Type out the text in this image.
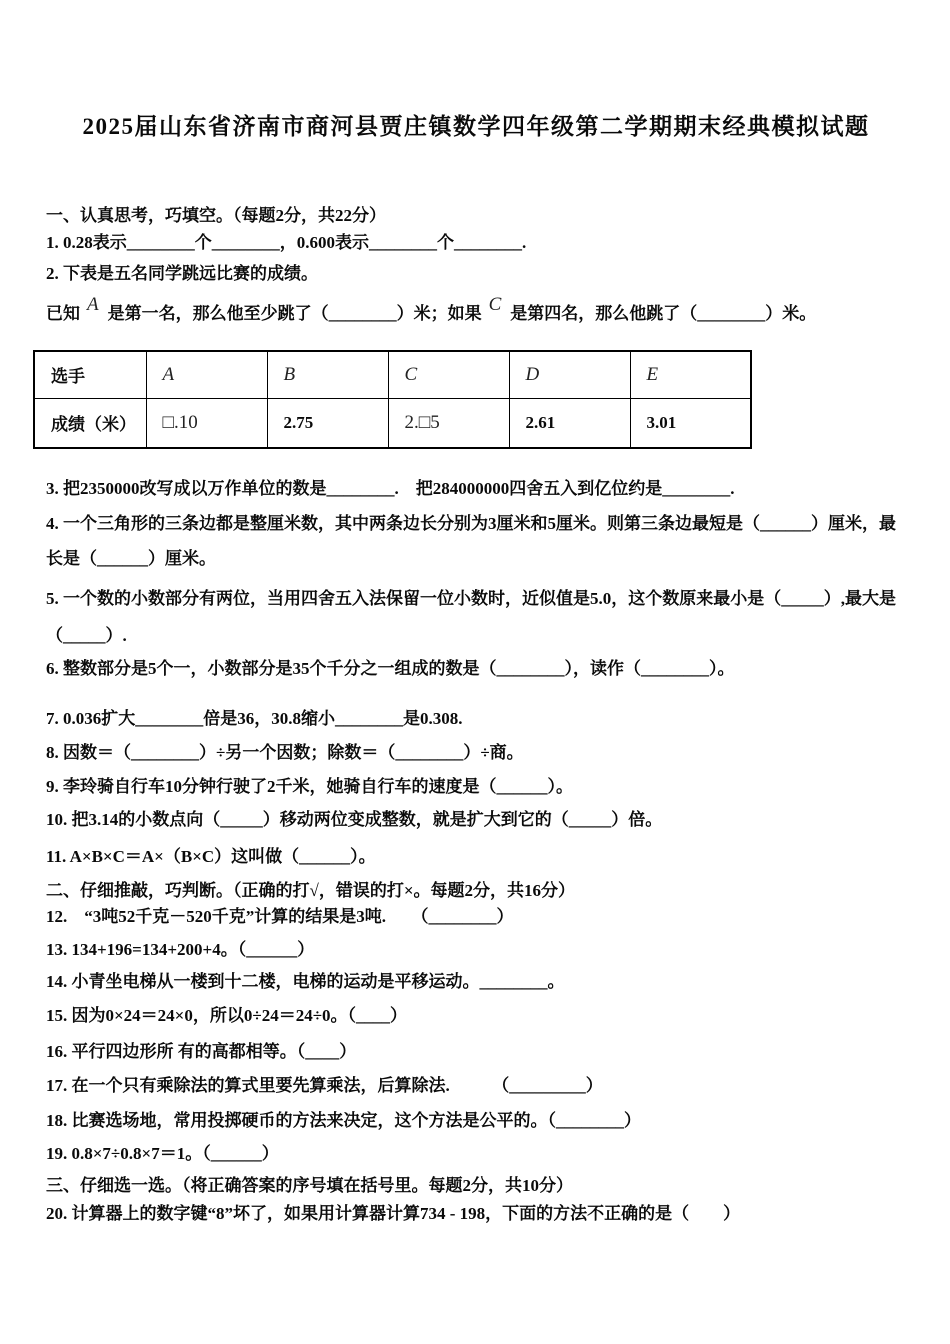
2025届山东省济南市商河县贾庄镇数学四年级第二学期期末经典模拟试题

一、认真思考，巧填空。（每题2分，共22分）

1. 0.28表示________个________，0.600表示________个________.

2. 下表是五名同学跳远比赛的成绩。

已知 A 是第一名，那么他至少跳了（________）米；如果 C 是第四名，那么他跳了（________）米。

选手	A	B	C	D	E
成绩（米）	□.10	2.75	2.□5	2.61	3.01

3. 把2350000改写成以万作单位的数是________.　把284000000四舍五入到亿位约是________.

4. 一个三角形的三条边都是整厘米数，其中两条边长分别为3厘米和5厘米。则第三条边最短是（______）厘米，最

长是（______）厘米。

5. 一个数的小数部分有两位，当用四舍五入法保留一位小数时，近似值是5.0，这个数原来最小是（_____）,最大是

（_____）.

6. 整数部分是5个一，小数部分是35个千分之一组成的数是（________），读作（________）。

7. 0.036扩大________倍是36，30.8缩小________是0.308.

8. 因数＝（________）÷另一个因数；除数＝（________）÷商。

9. 李玲骑自行车10分钟行驶了2千米，她骑自行车的速度是（______）。

10. 把3.14的小数点向（_____）移动两位变成整数，就是扩大到它的（_____）倍。

11. A×B×C＝A×（B×C）这叫做（______）。

二、仔细推敲，巧判断。（正确的打√，错误的打×。每题2分，共16分）

12.　“3吨52千克－520千克”计算的结果是3吨.　　（________）

13. 134+196=134+200+4。（______）

14. 小青坐电梯从一楼到十二楼，电梯的运动是平移运动。________。

15. 因为0×24＝24×0，所以0÷24＝24÷0。（____）

16. 平行四边形所 有的高都相等。（____）

17. 在一个只有乘除法的算式里要先算乘法，后算除法.　　　（_________）

18. 比赛选场地，常用投掷硬币的方法来决定，这个方法是公平的。（________）

19. 0.8×7÷0.8×7＝1。（______）

三、仔细选一选。（将正确答案的序号填在括号里。每题2分，共10分）

20. 计算器上的数字键“8”坏了，如果用计算器计算734 - 198，下面的方法不正确的是（　　）
